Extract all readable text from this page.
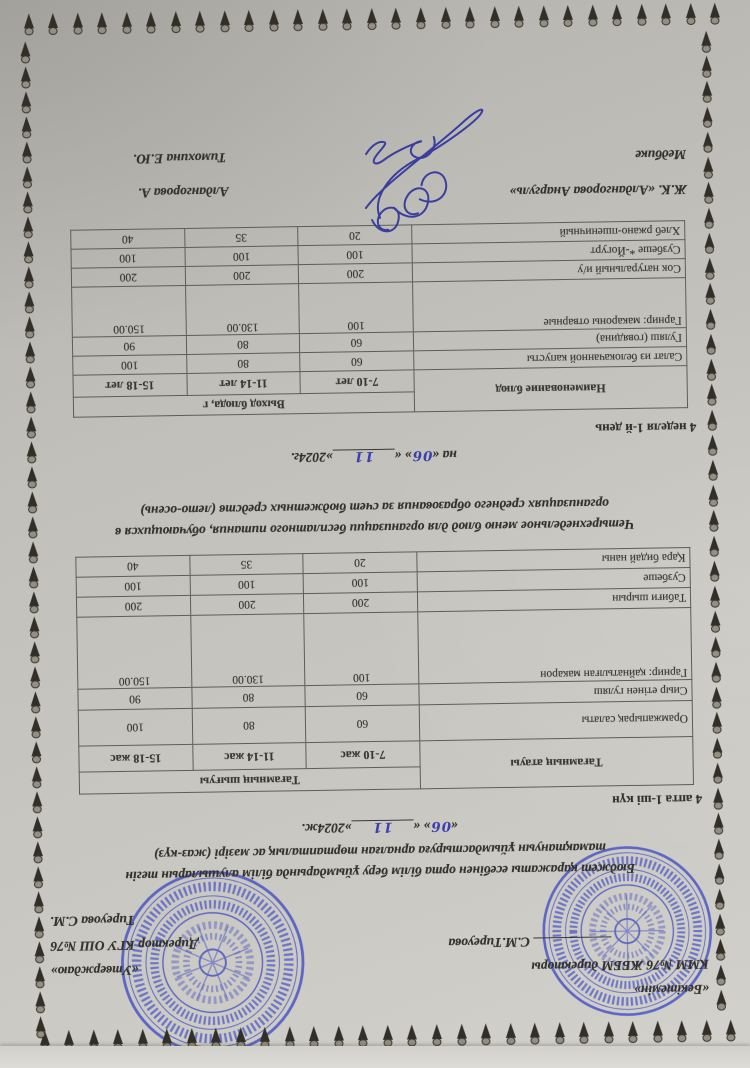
«Бекітемін»
КММ №76 ЖББМ директоры
С.М.Тиреуова
«Утверждаю»
Директор КГУ ОШ №76
Тиреуова С.М.
Бюджет қаражаты есебінен орта білім беру ұйымдарында білім алушыларын тегін
тамақтануын ұйымдастыруға арналған төртапталық ас мәзірі (жаз-күз)
«06» «11»2024ж.
4 апта 1-ші күн
Тағамның атауы	Тағамның шығуы		
	7-10 жас	11-14 жас	15-18 жас
Орамжапырақ салаты	60	80	100
Сиыр етінен гуляш	60	80	90
Гарнир: қайнатылған макарон	100	130.00	150.00
Табиғи шырын	200	200	200
Сузбеше	100	100	100
Қара бидай наны	20	35	40
Четырехнедельное меню блюд для организации бесплатного питания, обучающихся в
организациях среднего образования за счет бюджетных средств (лето-осень)
на «06» «11»2024г.
4 неделя 1-й день
Наименование блюд	Выход блюда, г		
	7-10 лет	11-14 лет	15-18 лет
Салат из белокачанной капусты	60	80	100
Гуляш (говядина)	60	80	90
Гарнир: макароны отварные	100	130.00	150.00
Сок натуральный и/у	200	200	200
Сузбеше *-Йогурт	100	100	100
Хлеб ржано-пшеничный	20	35	40
Ж.К. «Алдангорова Анаргуль»
Алдангорова А.
Медбике
Тимохина Е.Ю.
